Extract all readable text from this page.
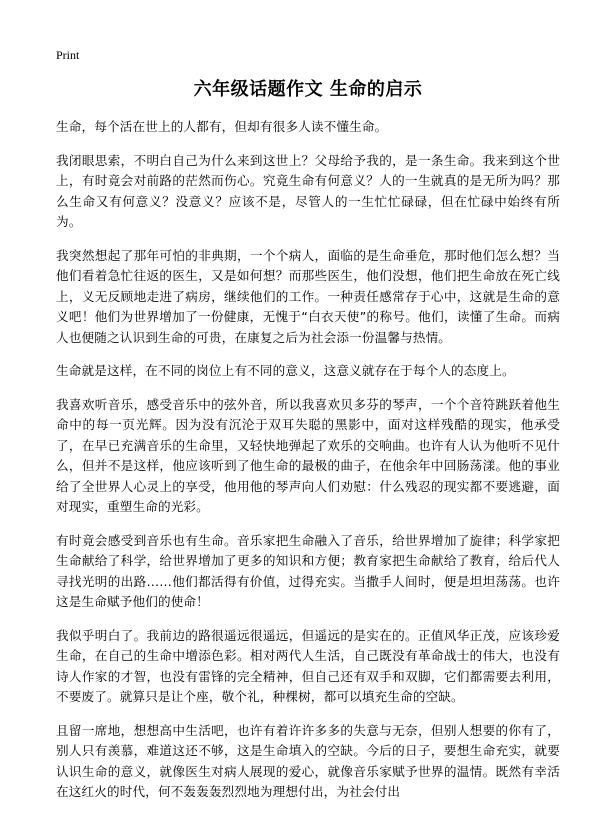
Print
六年级话题作文 生命的启示

生命，每个活在世上的人都有，但却有很多人读不懂生命。

我闭眼思索，不明白自己为什么来到这世上？父母给予我的，是一条生命。我来到这个世上，有时竟会对前路的茫然而伤心。究竟生命有何意义？人的一生就真的是无所为吗？那么生命又有何意义？没意义？应该不是，尽管人的一生忙忙碌碌，但在忙碌中始终有所为。

我突然想起了那年可怕的非典期，一个个病人，面临的是生命垂危，那时他们怎么想？当他们看着急忙往返的医生，又是如何想？而那些医生，他们没想，他们把生命放在死亡线上，义无反顾地走进了病房，继续他们的工作。一种责任感常存于心中，这就是生命的意义吧！他们为世界增加了一份健康，无愧于“白衣天使”的称号。他们，读懂了生命。而病人也便随之认识到生命的可贵，在康复之后为社会添一份温馨与热情。

生命就是这样，在不同的岗位上有不同的意义，这意义就存在于每个人的态度上。

我喜欢听音乐，感受音乐中的弦外音，所以我喜欢贝多芬的琴声，一个个音符跳跃着他生命中的每一页光辉。因为没有沉沦于双耳失聪的黑影中，面对这样残酷的现实，他承受了，在早已充满音乐的生命里，又轻快地弹起了欢乐的交响曲。也许有人认为他听不见什么，但并不是这样，他应该听到了他生命的最极的曲子，在他余年中回肠荡漾。他的事业给了全世界人心灵上的享受，他用他的琴声向人们劝慰：什么残忍的现实都不要逃避，面对现实，重塑生命的光彩。

有时竟会感受到音乐也有生命。音乐家把生命融入了音乐，给世界增加了旋律；科学家把生命献给了科学，给世界增加了更多的知识和方便；教育家把生命献给了教育，给后代人寻找光明的出路……他们都活得有价值，过得充实。当撒手人间时，便是坦坦荡荡。也许这是生命赋予他们的使命！

我似乎明白了。我前边的路很遥远很遥远，但遥远的是实在的。正值风华正茂，应该珍爱生命，在自己的生命中增添色彩。相对两代人生活，自己既没有革命战士的伟大，也没有诗人作家的才智，也没有雷锋的完全精神，但自己还有双手和双脚，它们都需要去利用，不要废了。就算只是让个座，敬个礼，种棵树，都可以填充生命的空缺。

且留一席地，想想高中生活吧，也许有着许许多多的失意与无奈，但别人想要的你有了，别人只有羡慕，难道这还不够，这是生命填入的空缺。今后的日子，要想生命充实，就要认识生命的意义，就像医生对病人展现的爱心，就像音乐家赋予世界的温情。既然有幸活在这红火的时代，何不轰轰轰烈烈地为理想付出，为社会付出
